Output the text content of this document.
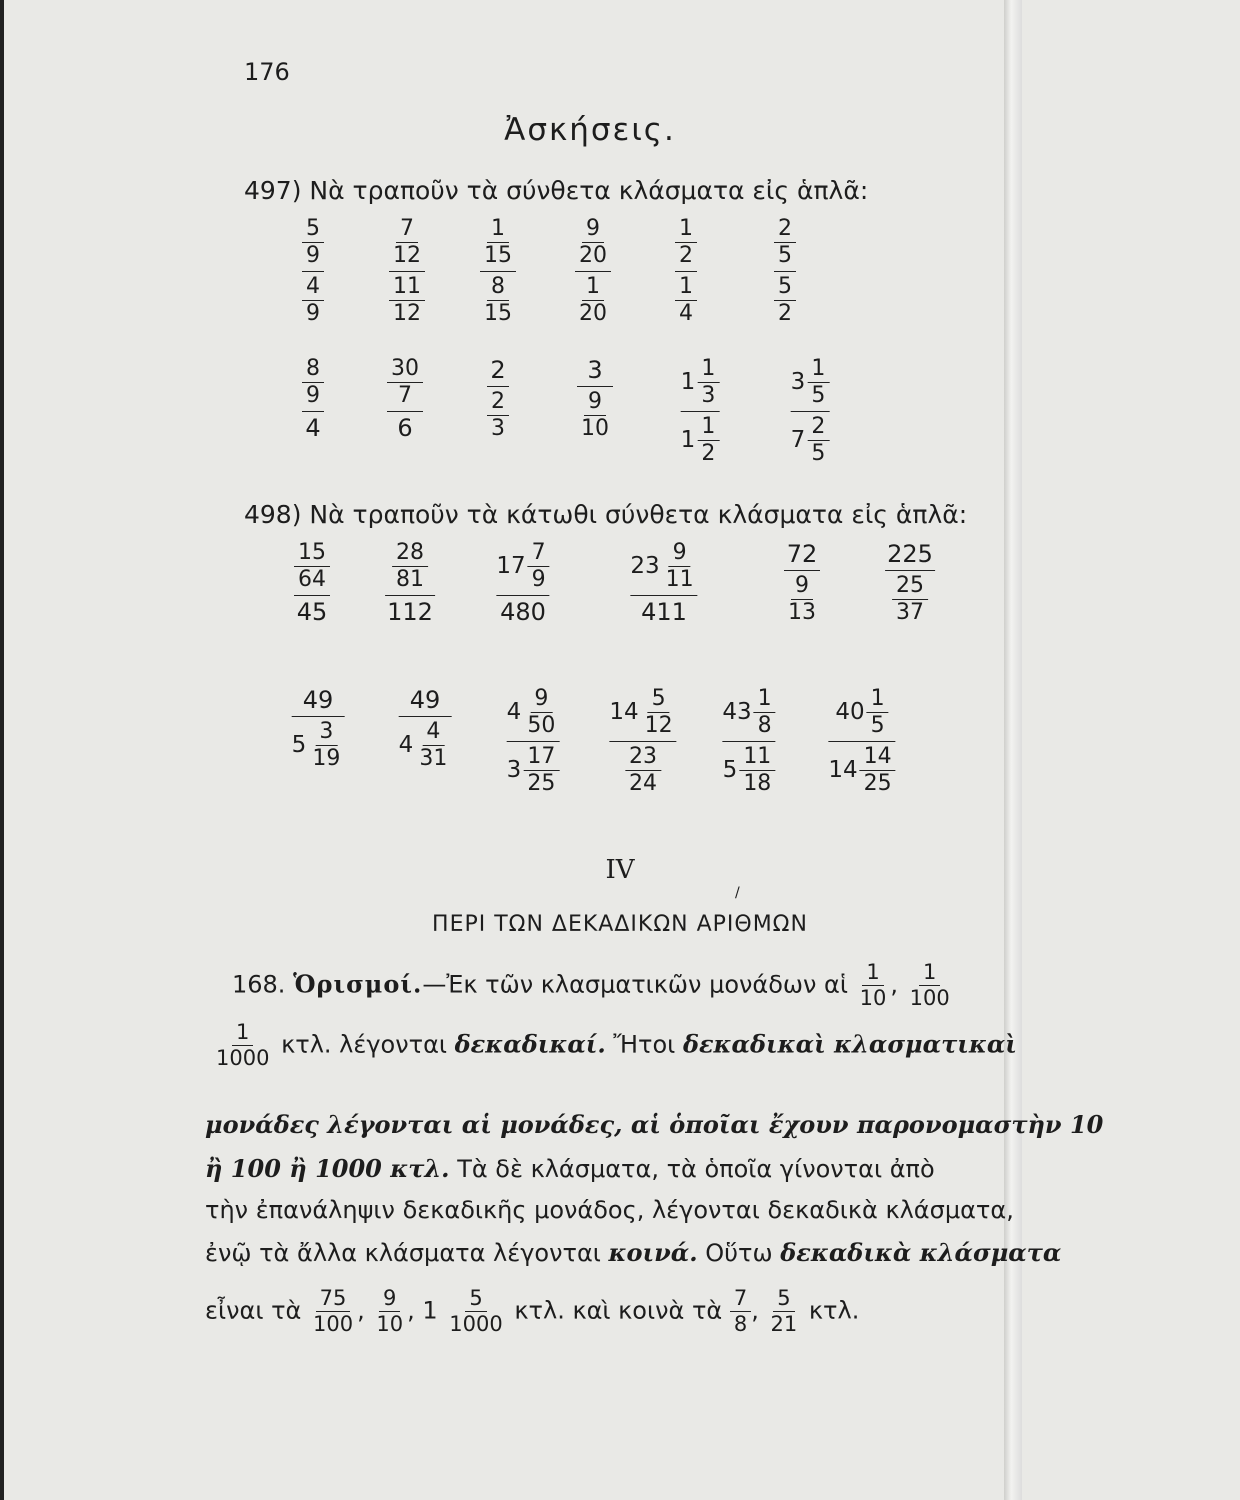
176
Ἀσκήσεις.
497) Νὰ τραποῦν τὰ σύνθετα κλάσματα εἰς ἁπλᾶ:
5
9
4
9
7
12
11
12
1
15
8
15
9
20
1
20
1
2
1
4
2
5
5
2
8
9
4
30
7
6
2
2
3
3
9
10
1
1
3
1
1
2
3
1
5
7
2
5
498) Νὰ τραποῦν τὰ κάτωθι σύνθετα κλάσματα εἰς ἁπλᾶ:
15
64
45
28
81
112
17
7
9
480
23
9
11
411
72
9
13
225
25
37
49
5
3
19
49
4
4
31
4
9
50
3
17
25
14
5
12
23
24
43
1
8
5
11
18
40
1
5
14
14
25
IV
/
ΠΕΡΙ ΤΩΝ ΔΕΚΑΔΙΚΩΝ ΑΡΙΘΜΩΝ
168. Ὁρισμοί.—Ἐκ τῶν κλασματικῶν μονάδων αἱ $\frac{1}{10}$ , $\frac{1}{100}$
$\frac{1}{1000} \kappa\tau\lambda$. λέγονται δεκαδικαί. Ἤτοι δεκαδικαὶ κλασματικαὶ
μονάδες λέγονται αἱ μονάδες, αἱ ὁποῖαι ἔχουν παρονομαστὴν 10
ἢ 100 ἢ 1000 κτλ. Τὰ δὲ κλάσματα, τὰ ὁποῖα γίνονται ἀπὸ
τὴν ἐπανάληψιν δεκαδικῆς μονάδος, λέγονται δεκαδικὰ κλάσματα,
ἐνῷ τὰ ἄλλα κλάσματα λέγονται κοινά. Οὕτω δεκαδικὰ κλάσματα
εἶναι τὰ $\frac{75}{100}$ , $\frac{9}{10}$ , $1 \frac{5}{1000} \kappa\tau\lambda$. καὶ κοινὰ τὰ $\frac{7}{8}$ , $\frac{5}{21} \kappa\tau\lambda$.
